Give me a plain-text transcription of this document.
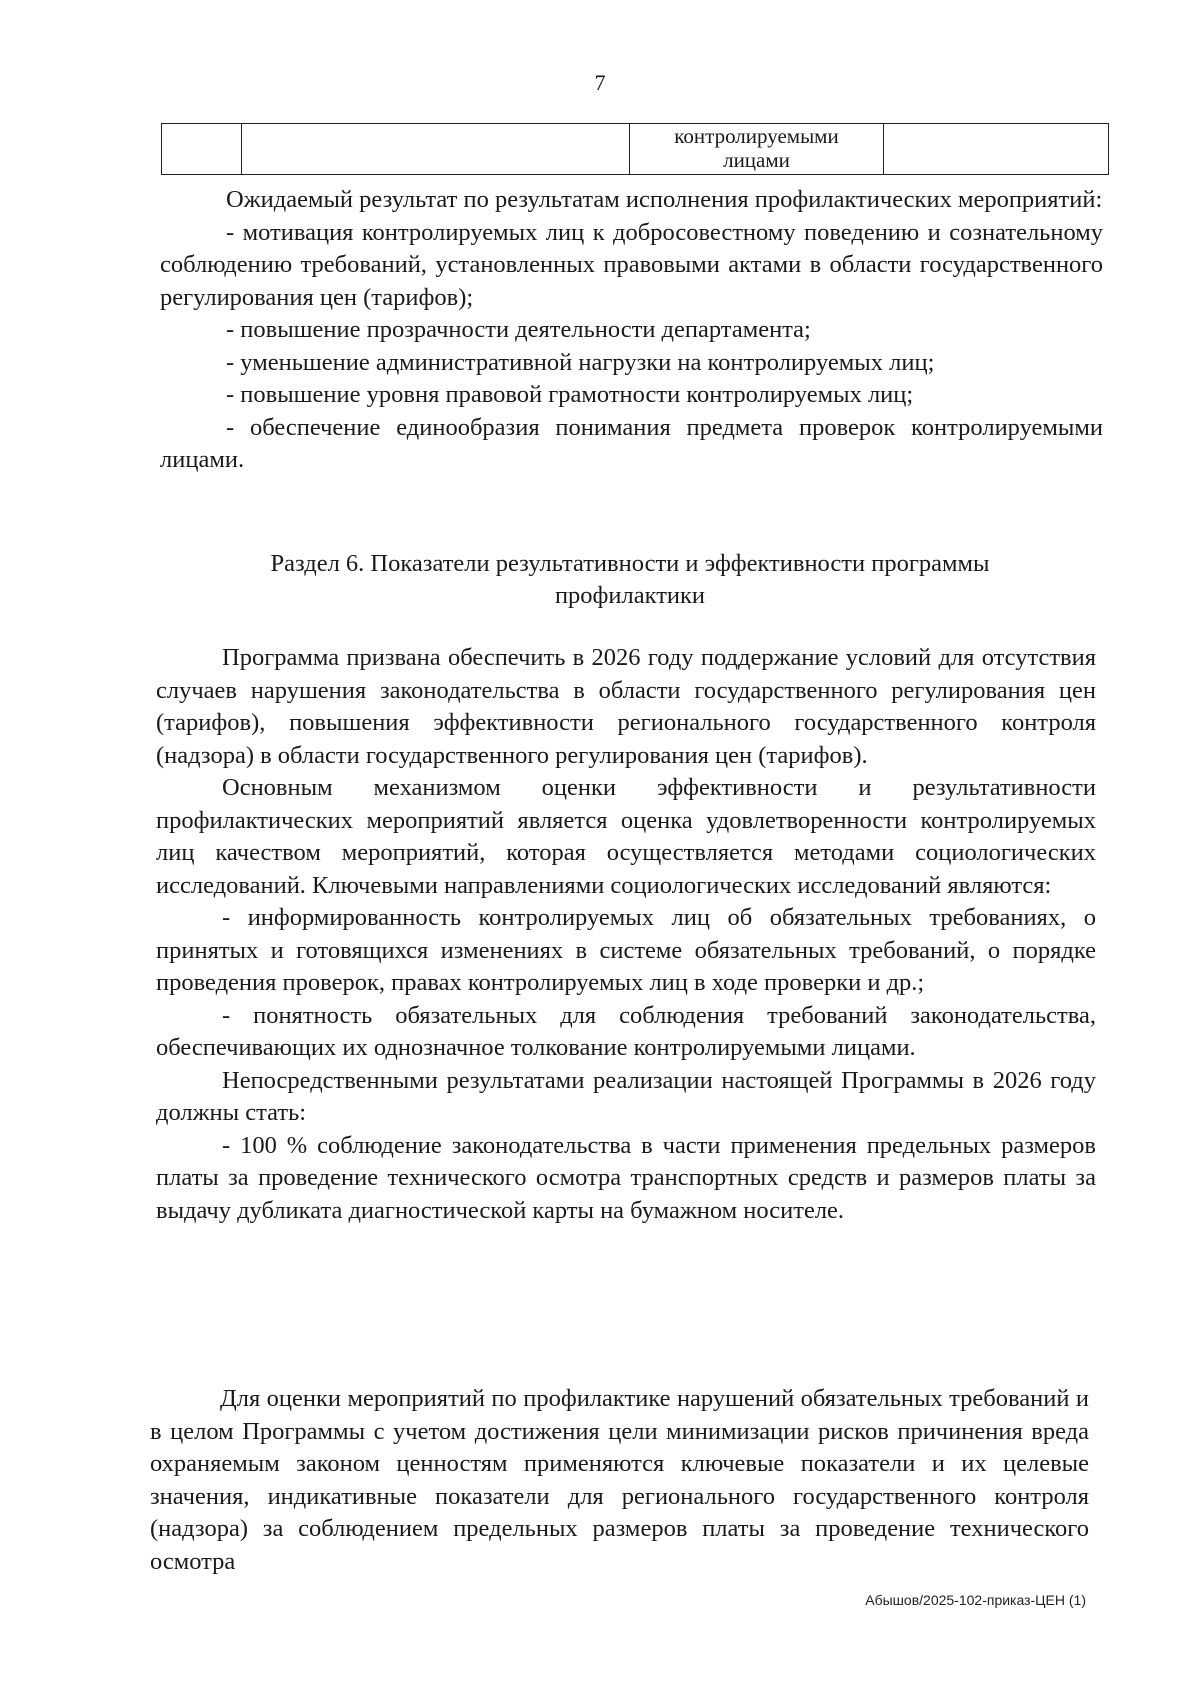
7

контролируемыми
лицами

Ожидаемый результат по результатам исполнения профилактических мероприятий:

- мотивация контролируемых лиц к добросовестному поведению и сознательному соблюдению требований, установленных правовыми актами в области государственного регулирования цен (тарифов);

- повышение прозрачности деятельности департамента;

- уменьшение административной нагрузки на контролируемых лиц;

- повышение уровня правовой грамотности контролируемых лиц;

- обеспечение единообразия понимания предмета проверок контролируемыми лицами.

Раздел 6. Показатели результативности и эффективности программы
профилактики

Программа призвана обеспечить в 2026 году поддержание условий для отсутствия случаев нарушения законодательства в области государственного регулирования цен (тарифов), повышения эффективности регионального государственного контроля (надзора) в области государственного регулирования цен (тарифов).

Основным механизмом оценки эффективности и результативности профилактических мероприятий является оценка удовлетворенности контролируемых лиц качеством мероприятий, которая осуществляется методами социологических исследований. Ключевыми направлениями социологических исследований являются:

- информированность контролируемых лиц об обязательных требованиях, о принятых и готовящихся изменениях в системе обязательных требований, о порядке проведения проверок, правах контролируемых лиц в ходе проверки и др.;

- понятность обязательных для соблюдения требований законодательства, обеспечивающих их однозначное толкование контролируемыми лицами.

Непосредственными результатами реализации настоящей Программы в 2026 году должны стать:

- 100 % соблюдение законодательства в части применения предельных размеров платы за проведение технического осмотра транспортных средств и размеров платы за выдачу дубликата диагностической карты на бумажном носителе.

Для оценки мероприятий по профилактике нарушений обязательных требований и в целом Программы с учетом достижения цели минимизации рисков причинения вреда охраняемым законом ценностям применяются ключевые показатели и их целевые значения, индикативные показатели для регионального государственного контроля (надзора) за соблюдением предельных размеров платы за проведение технического осмотра

Абышов/2025-102-приказ-ЦЕН (1)
